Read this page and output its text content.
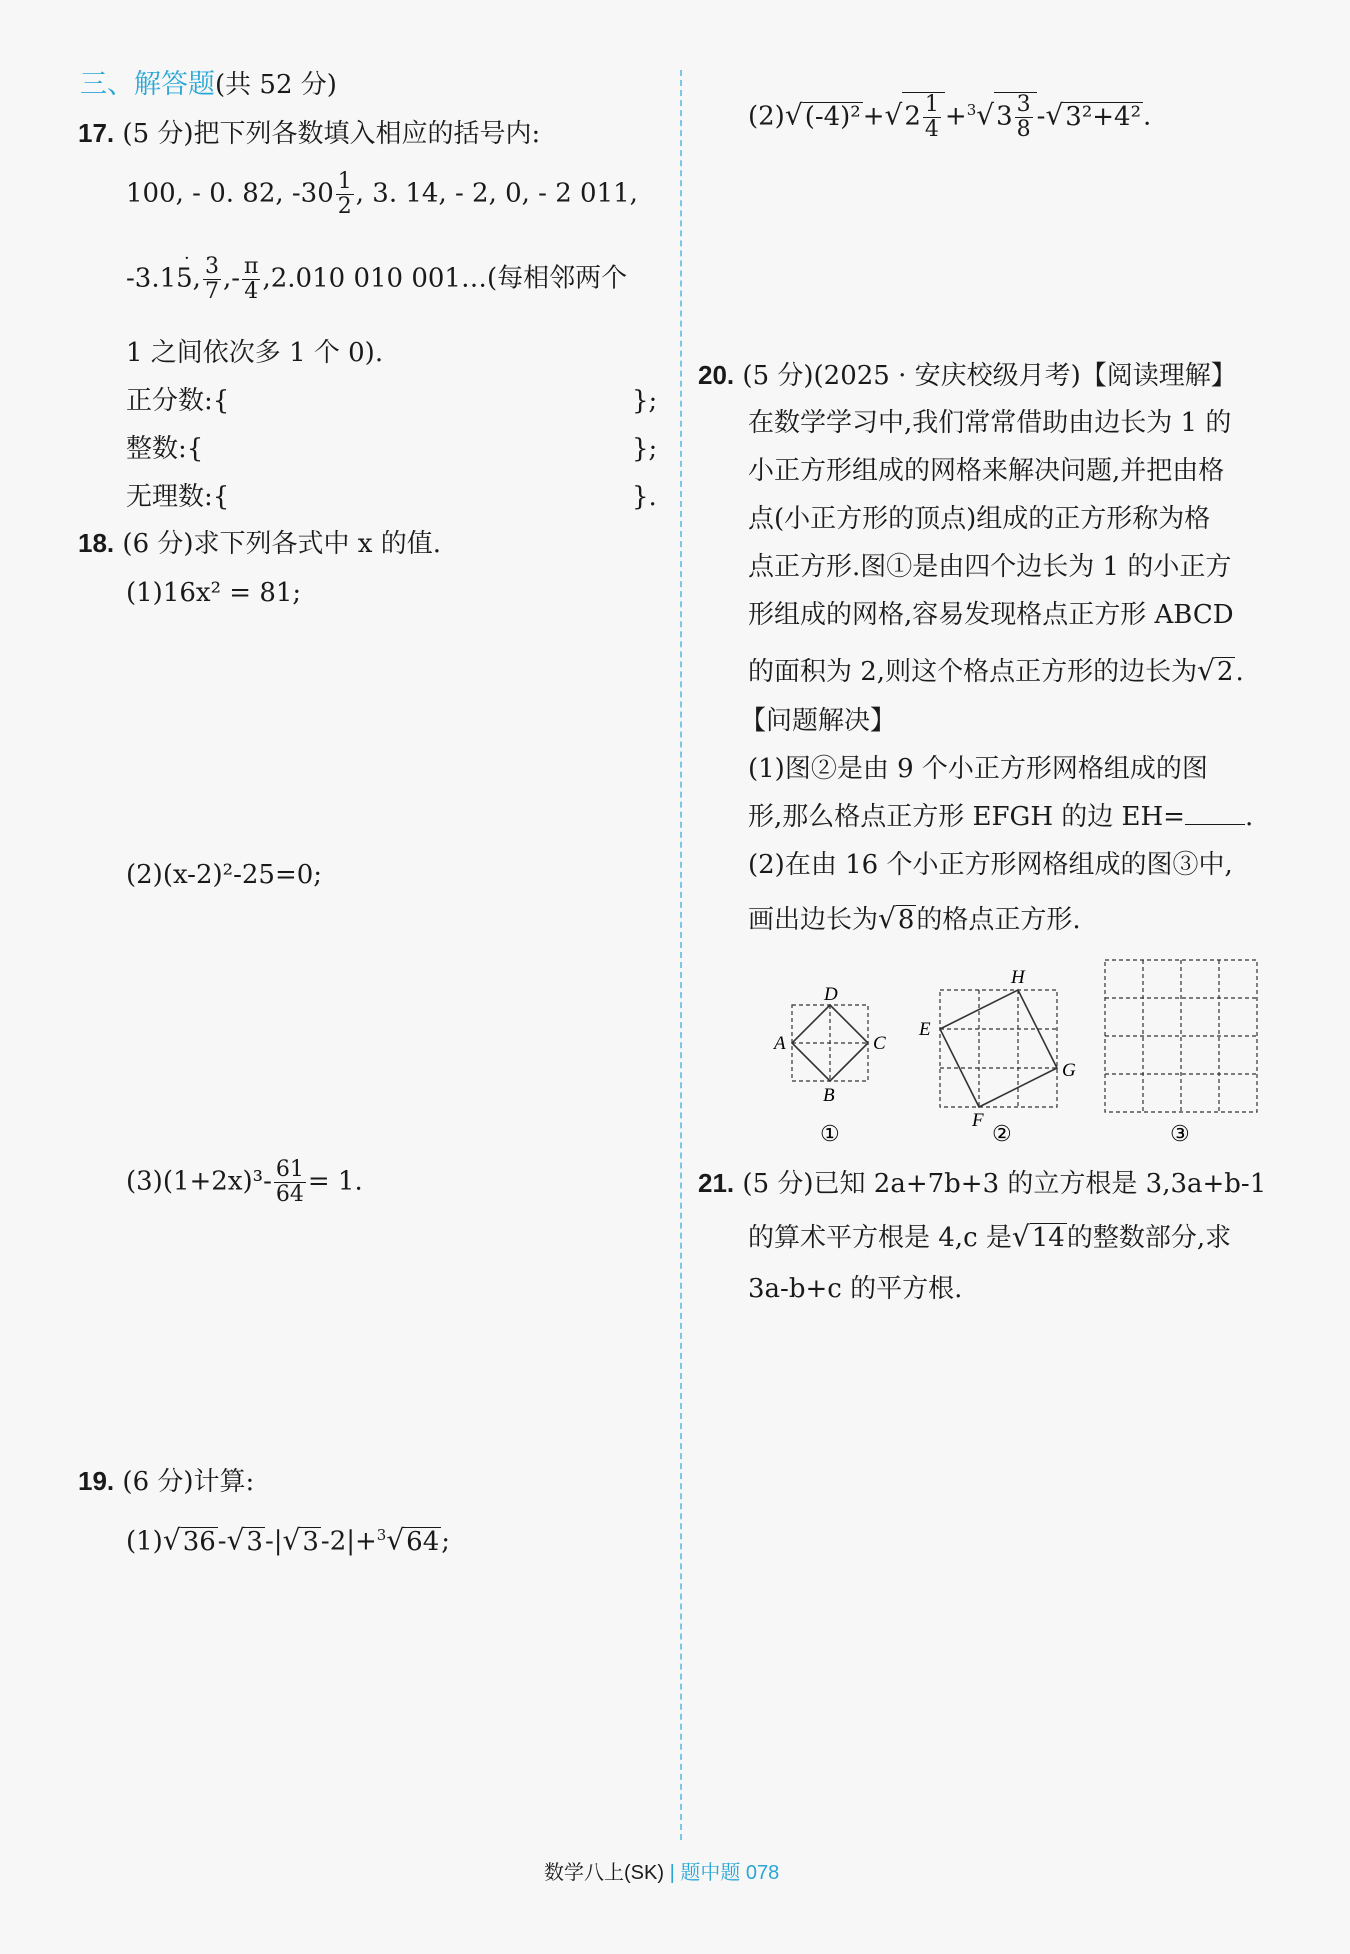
三、解答题(共 52 分)
17. (5 分)把下列各数填入相应的括号内:
100, - 0. 82, $-30 \frac{1}{2}$ , 3. 14, - 2, 0, - 2 011,
-3.15, $\frac{3}{7}$ ,- $\frac{\pi}{4} ,2.010$ 010 001…(每相邻两个
·
1 之间依次多 1 个 0).
正分数:{	};
整数:{	};
无理数:{	}.
18. (6 分)求下列各式中 x 的值.
(1)16x² = 81;
(2)(x-2)²-25=0;
$(3)(1+2x)^3- \frac{61}{64} = 1$.
19. (6 分)计算:
(1)√36-√3-|√3-2|+$^3$√64;
$(2)√(-4)^2+√2 \frac{1}{4} +^3√3 \frac{3}{8} -√3^2+4^2$.
20. (5 分)(2025 · 安庆校级月考)【阅读理解】
在数学学习中,我们常常借助由边长为 1 的
小正方形组成的网格来解决问题,并把由格
点(小正方形的顶点)组成的正方形称为格
点正方形.图①是由四个边长为 1 的小正方
形组成的网格,容易发现格点正方形 ABCD
的面积为 2,则这个格点正方形的边长为√2.
【问题解决】
(1)图②是由 9 个小正方形网格组成的图
形,那么格点正方形 EFGH 的边 EH= .
(2)在由 16 个小正方形网格组成的图③中,
画出边长为√8的格点正方形.
D
A	C
B
①
H
E
G
F
②	③
21. (5 分)已知 2a+7b+3 的立方根是 3,3a+b-1
的算术平方根是 4,c 是√14的整数部分,求
3a-b+c 的平方根.
数学八上(SK) | 题中题 078
